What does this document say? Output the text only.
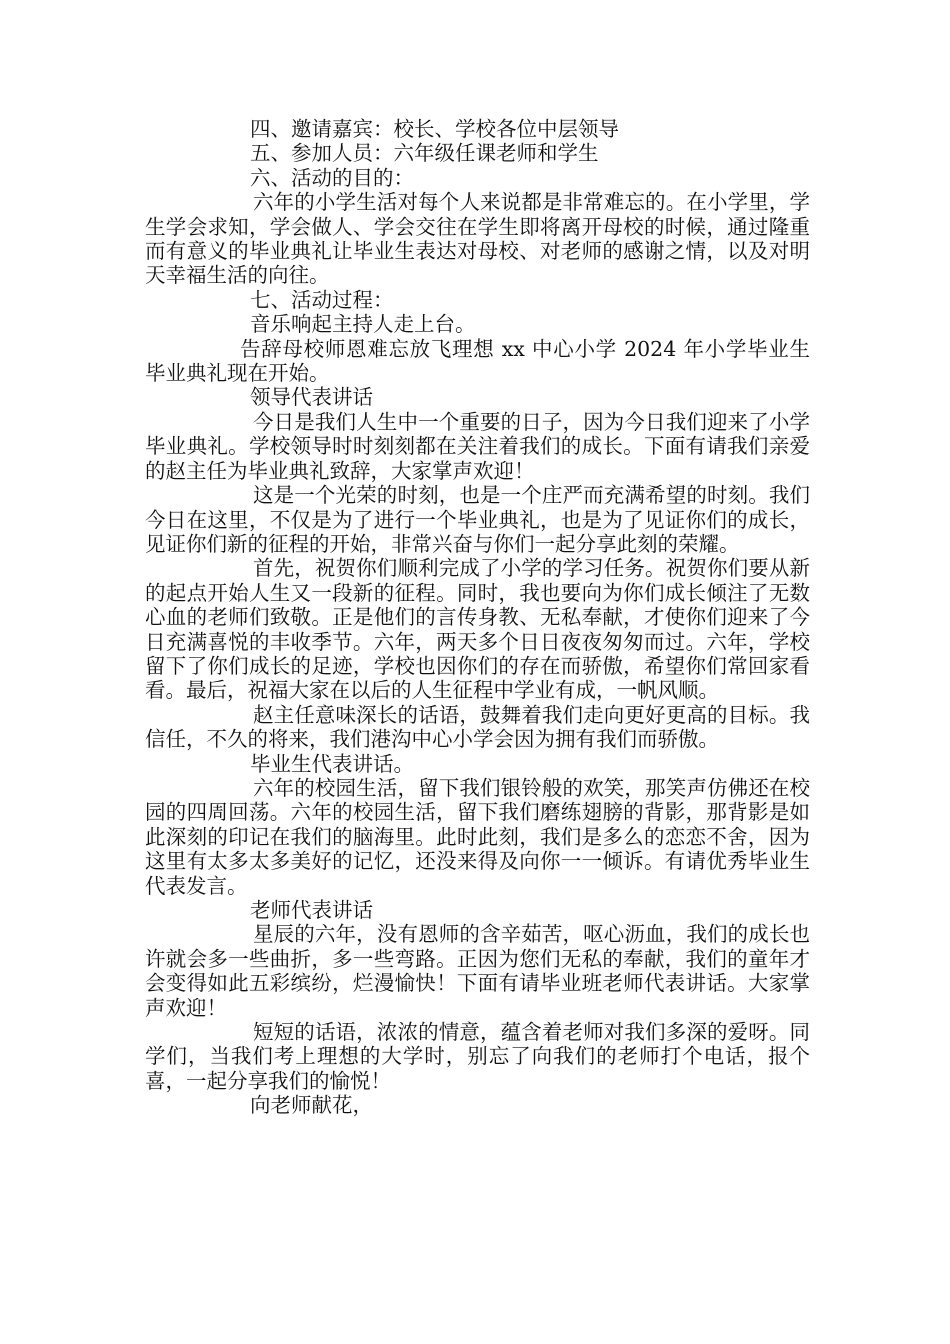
四、邀请嘉宾：校长、学校各位中层领导

五、参加人员：六年级任课老师和学生

六、活动的目的：

六年的小学生活对每个人来说都是非常难忘的。在小学里，学生学会求知，学会做人、学会交往在学生即将离开母校的时候，通过隆重而有意义的毕业典礼让毕业生表达对母校、对老师的感谢之情，以及对明天幸福生活的向往。

七、活动过程：

音乐响起主持人走上台。

告辞母校师恩难忘放飞理想 xx 中心小学 2024 年小学毕业生毕业典礼现在开始。

领导代表讲话

今日是我们人生中一个重要的日子，因为今日我们迎来了小学毕业典礼。学校领导时时刻刻都在关注着我们的成长。下面有请我们亲爱的赵主任为毕业典礼致辞，大家掌声欢迎！

这是一个光荣的时刻，也是一个庄严而充满希望的时刻。我们今日在这里，不仅是为了进行一个毕业典礼，也是为了见证你们的成长，见证你们新的征程的开始，非常兴奋与你们一起分享此刻的荣耀。

首先，祝贺你们顺利完成了小学的学习任务。祝贺你们要从新的起点开始人生又一段新的征程。同时，我也要向为你们成长倾注了无数心血的老师们致敬。正是他们的言传身教、无私奉献，才使你们迎来了今日充满喜悦的丰收季节。六年，两天多个日日夜夜匆匆而过。六年，学校留下了你们成长的足迹，学校也因你们的存在而骄傲，希望你们常回家看看。最后，祝福大家在以后的人生征程中学业有成，一帆风顺。

赵主任意味深长的话语，鼓舞着我们走向更好更高的目标。我信任，不久的将来，我们港沟中心小学会因为拥有我们而骄傲。

毕业生代表讲话。

六年的校园生活，留下我们银铃般的欢笑，那笑声仿佛还在校园的四周回荡。六年的校园生活，留下我们磨练翅膀的背影，那背影是如此深刻的印记在我们的脑海里。此时此刻，我们是多么的恋恋不舍，因为这里有太多太多美好的记忆，还没来得及向你一一倾诉。有请优秀毕业生代表发言。

老师代表讲话

星辰的六年，没有恩师的含辛茹苦，呕心沥血，我们的成长也许就会多一些曲折，多一些弯路。正因为您们无私的奉献，我们的童年才会变得如此五彩缤纷，烂漫愉快！下面有请毕业班老师代表讲话。大家掌声欢迎！

短短的话语，浓浓的情意，蕴含着老师对我们多深的爱呀。同学们，当我们考上理想的大学时，别忘了向我们的老师打个电话，报个喜，一起分享我们的愉悦！

向老师献花，
